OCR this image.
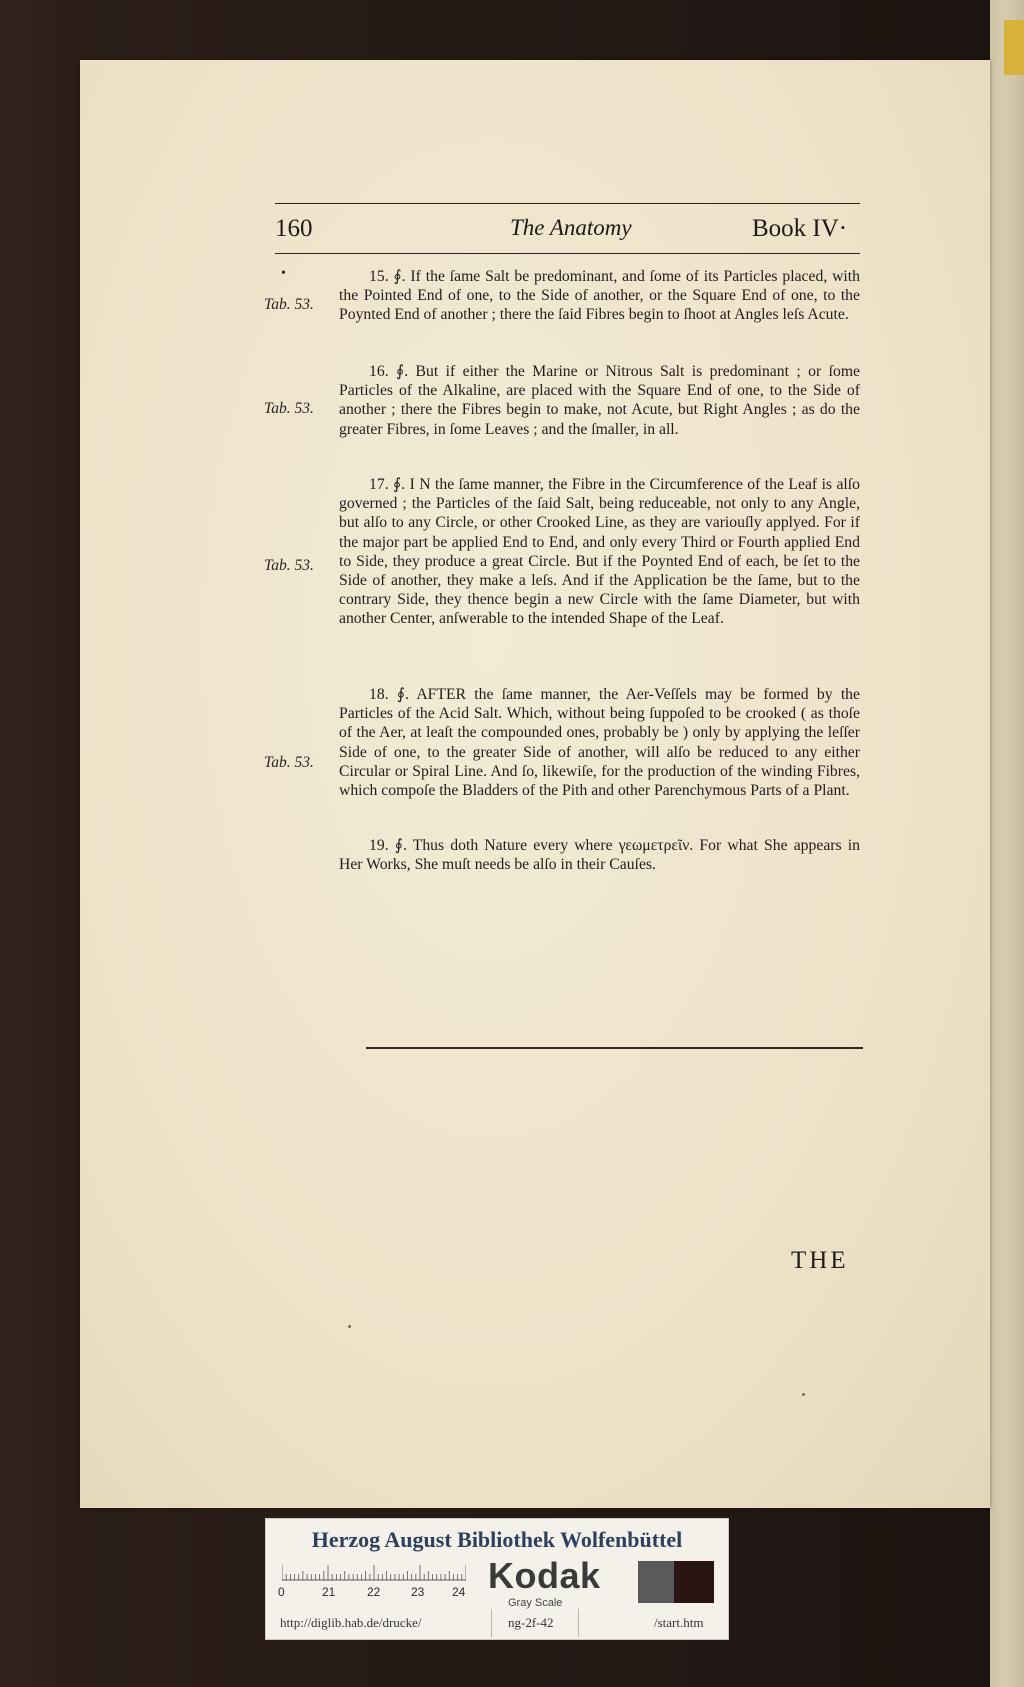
160	The Anatomy	Book IV·
•
Tab. 53.
Tab. 53.
Tab. 53.
Tab. 53.

15. ∮. If the ſame Salt be predominant, and ſome of its Particles placed, with the Pointed End of one, to the Side of another, or the Square End of one, to the Poynted End of another ; there the ſaid Fibres begin to ſhoot at Angles leſs Acute.

16. ∮. But if either the Marine or Nitrous Salt is predominant ; or ſome Particles of the Alkaline, are placed with the Square End of one, to the Side of another ; there the Fibres begin to make, not Acute, but Right Angles ; as do the greater Fibres, in ſome Leaves ; and the ſmaller, in all.

17. ∮. I N the ſame manner, the Fibre in the Circumference of the Leaf is alſo governed ; the Particles of the ſaid Salt, being reduceable, not only to any Angle, but alſo to any Circle, or other Crooked Line, as they are variouſly applyed. For if the major part be applied End to End, and only every Third or Fourth applied End to Side, they produce a great Circle. But if the Poynted End of each, be ſet to the Side of another, they make a leſs. And if the Application be the ſame, but to the contrary Side, they thence begin a new Circle with the ſame Diameter, but with another Center, anſwerable to the intended Shape of the Leaf.

18. ∮. AFTER the ſame manner, the Aer-Veſſels may be formed by the Particles of the Acid Salt. Which, without being ſuppoſed to be crooked ( as thoſe of the Aer, at leaſt the compounded ones, probably be ) only by applying the leſſer Side of one, to the greater Side of another, will alſo be reduced to any either Circular or Spiral Line. And ſo, likewiſe, for the production of the winding Fibres, which compoſe the Bladders of the Pith and other Parenchymous Parts of a Plant.

19. ∮. Thus doth Nature every where γεωμετρεῖν. For what She appears in Her Works, She muſt needs be alſo in their Cauſes.

THE
Herzog August Bibliothek Wolfenbüttel
0	21	22	23 24 Kodak
Gray Scale
http://diglib.hab.de/drucke/	ng-2f-42	/start.htm
